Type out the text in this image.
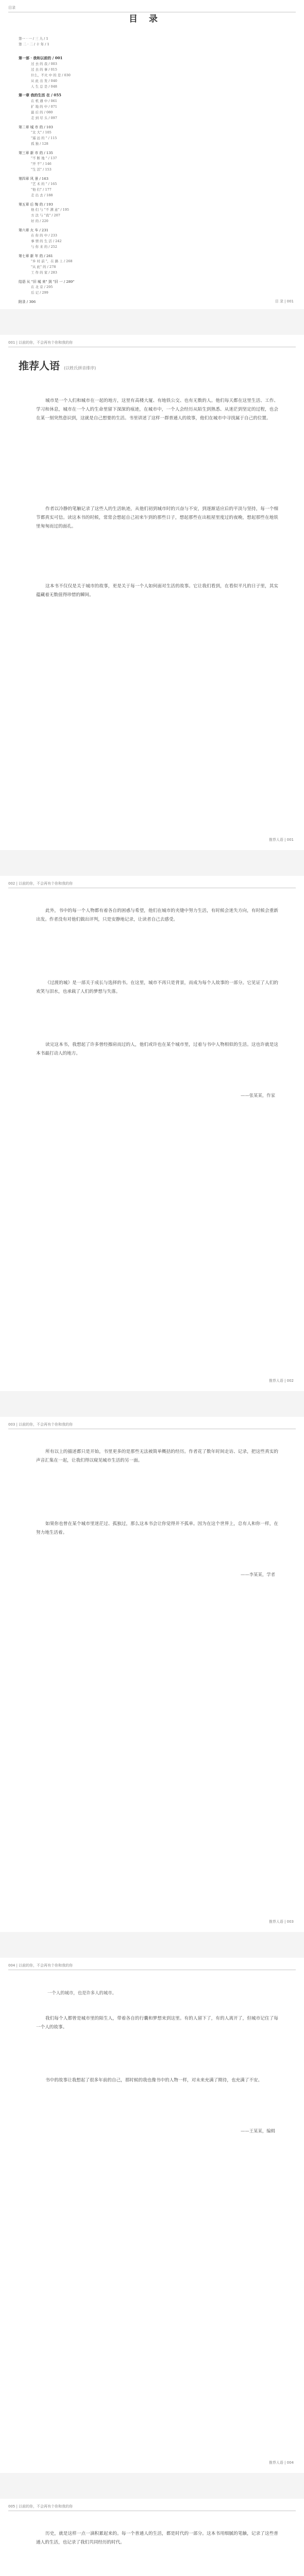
目录
目 录
第一 · 一 / 三 九 / 1
第 二 · 二 / 十 年 / 1
第一部 · 我和以前的 / 001
过 去 的 我 / 003
过 去 的 事 / 015
什么，不火 中 的 是 / 030
从 此 出 发 / 040
人 生 总 是 / 048
第一章 我的生活 在 / 055
在 机 遇 中 / 061
扩 地 的 中 / 071
最 后 的 / 080
走 到 尽 头 / 097
第二章 城 市 的 / 103
"北 大" / 105
"遥 远 的 " / 115
孤 独 / 128
第三章 新 市 的 / 135
"不 断 地 " / 137
"开 不" / 146
"生 活" / 153
第四章 风 景 / 163
"艺 术 的 " / 165
"他 们" / 177
走 出 去 / 188
第五章 后 悔 的 / 193
他 们 与 "不 满 意" / 195
方 法 与 "我" / 207
好 的 / 220
第六章 火 车 / 231
在 你 的 中 / 233
事 情 的 生 活 / 242
与 你 来 的 / 252
第七章 新 年 的 / 261
"乡 村 前 "，在 路 上 / 268
"从 此" 的 / 278
工 作 的 家 / 283
结语 从 "旧 城 来" 到 "旧 一 / 289"
在 北 京 / 295
后 记 / 299
附录 / 306	目 录 | 001
001 | 以前的你，不会再有个你和我的你
推荐人语 (以姓氏拼音排序)
城市是一个人们和城市在一起的地方，这里有高楼大厦、有地铁公交、也有无数的人。他们每天都在这里生活、工作、学习和休息，城市在一个人的生命里留下深深的痕迹，在城市中，一个人会经历从陌生到熟悉、从迷茫到坚定的过程，也会在某一刻突然意识到，这就是自己想要的生活。书里讲述了这样一群普通人的故事，他们在城市中寻找属于自己的位置。
作者以冷静的笔触记录了这些人的生活轨迹，从他们初到城市时的兴奋与不安，到逐渐适应后的平淡与坚持，每一个细节都真实可信。读这本书的时候，常常会想起自己初来乍到的那些日子，想起那些在出租屋里度过的夜晚，想起那些在地铁里匆匆而过的面孔。
这本书不仅仅是关于城市的故事，更是关于每一个人如何面对生活的故事。它让我们看到，在看似平凡的日子里，其实蕴藏着无数值得珍惜的瞬间。
推荐人语 | 001
002 | 以前的你，不会再有个你和我的你
此外，书中的每一个人物都有着各自的困惑与希望，他们在城市的夹缝中努力生活，有时候会迷失方向，有时候会重新出发。作者没有对他们做出评判，只是安静地记录，让读者自己去感受。
《过渡的城》是一部关于成长与选择的书。在这里，城市不再只是背景，而成为每个人故事的一部分。它见证了人们的欢笑与泪水，也承载了人们的梦想与失落。
读完这本书，我想起了许多曾经擦肩而过的人，他们或许也在某个城市里，过着与书中人物相似的生活。这也许就是这本书最打动人的地方。
——张某某，作家
推荐人语 | 002
003 | 以前的你，不会再有个你和我的你
所有以上的描述都只是开始，书里更多的是那些无法被简单概括的经历。作者花了数年时间走访、记录，把这些真实的声音汇集在一起，让我们得以窥见城市生活的另一面。
如果你也曾在某个城市里迷茫过、孤独过，那么这本书会让你觉得并不孤单。因为在这个世界上，总有人和你一样，在努力地生活着。
——李某某，学者
推荐人语 | 003
004 | 以前的你，不会再有个你和我的你
一个人的城市，也是许多人的城市。
我们每个人都曾是城市里的陌生人，带着各自的行囊和梦想来到这里。有的人留下了，有的人离开了，但城市记住了每一个人的故事。
书中的故事让我想起了很多年前的自己，那时候的我也像书中的人物一样，对未来充满了期待，也充满了不安。
——王某某，编辑
推荐人语 | 004
005 | 以前的你，不会再有个你和我的你
历史，就是这样一点一滴积累起来的。每一个普通人的生活，都是时代的一部分。这本书用细腻的笔触，记录了这些普通人的生活，也记录了我们共同经历的时代。
